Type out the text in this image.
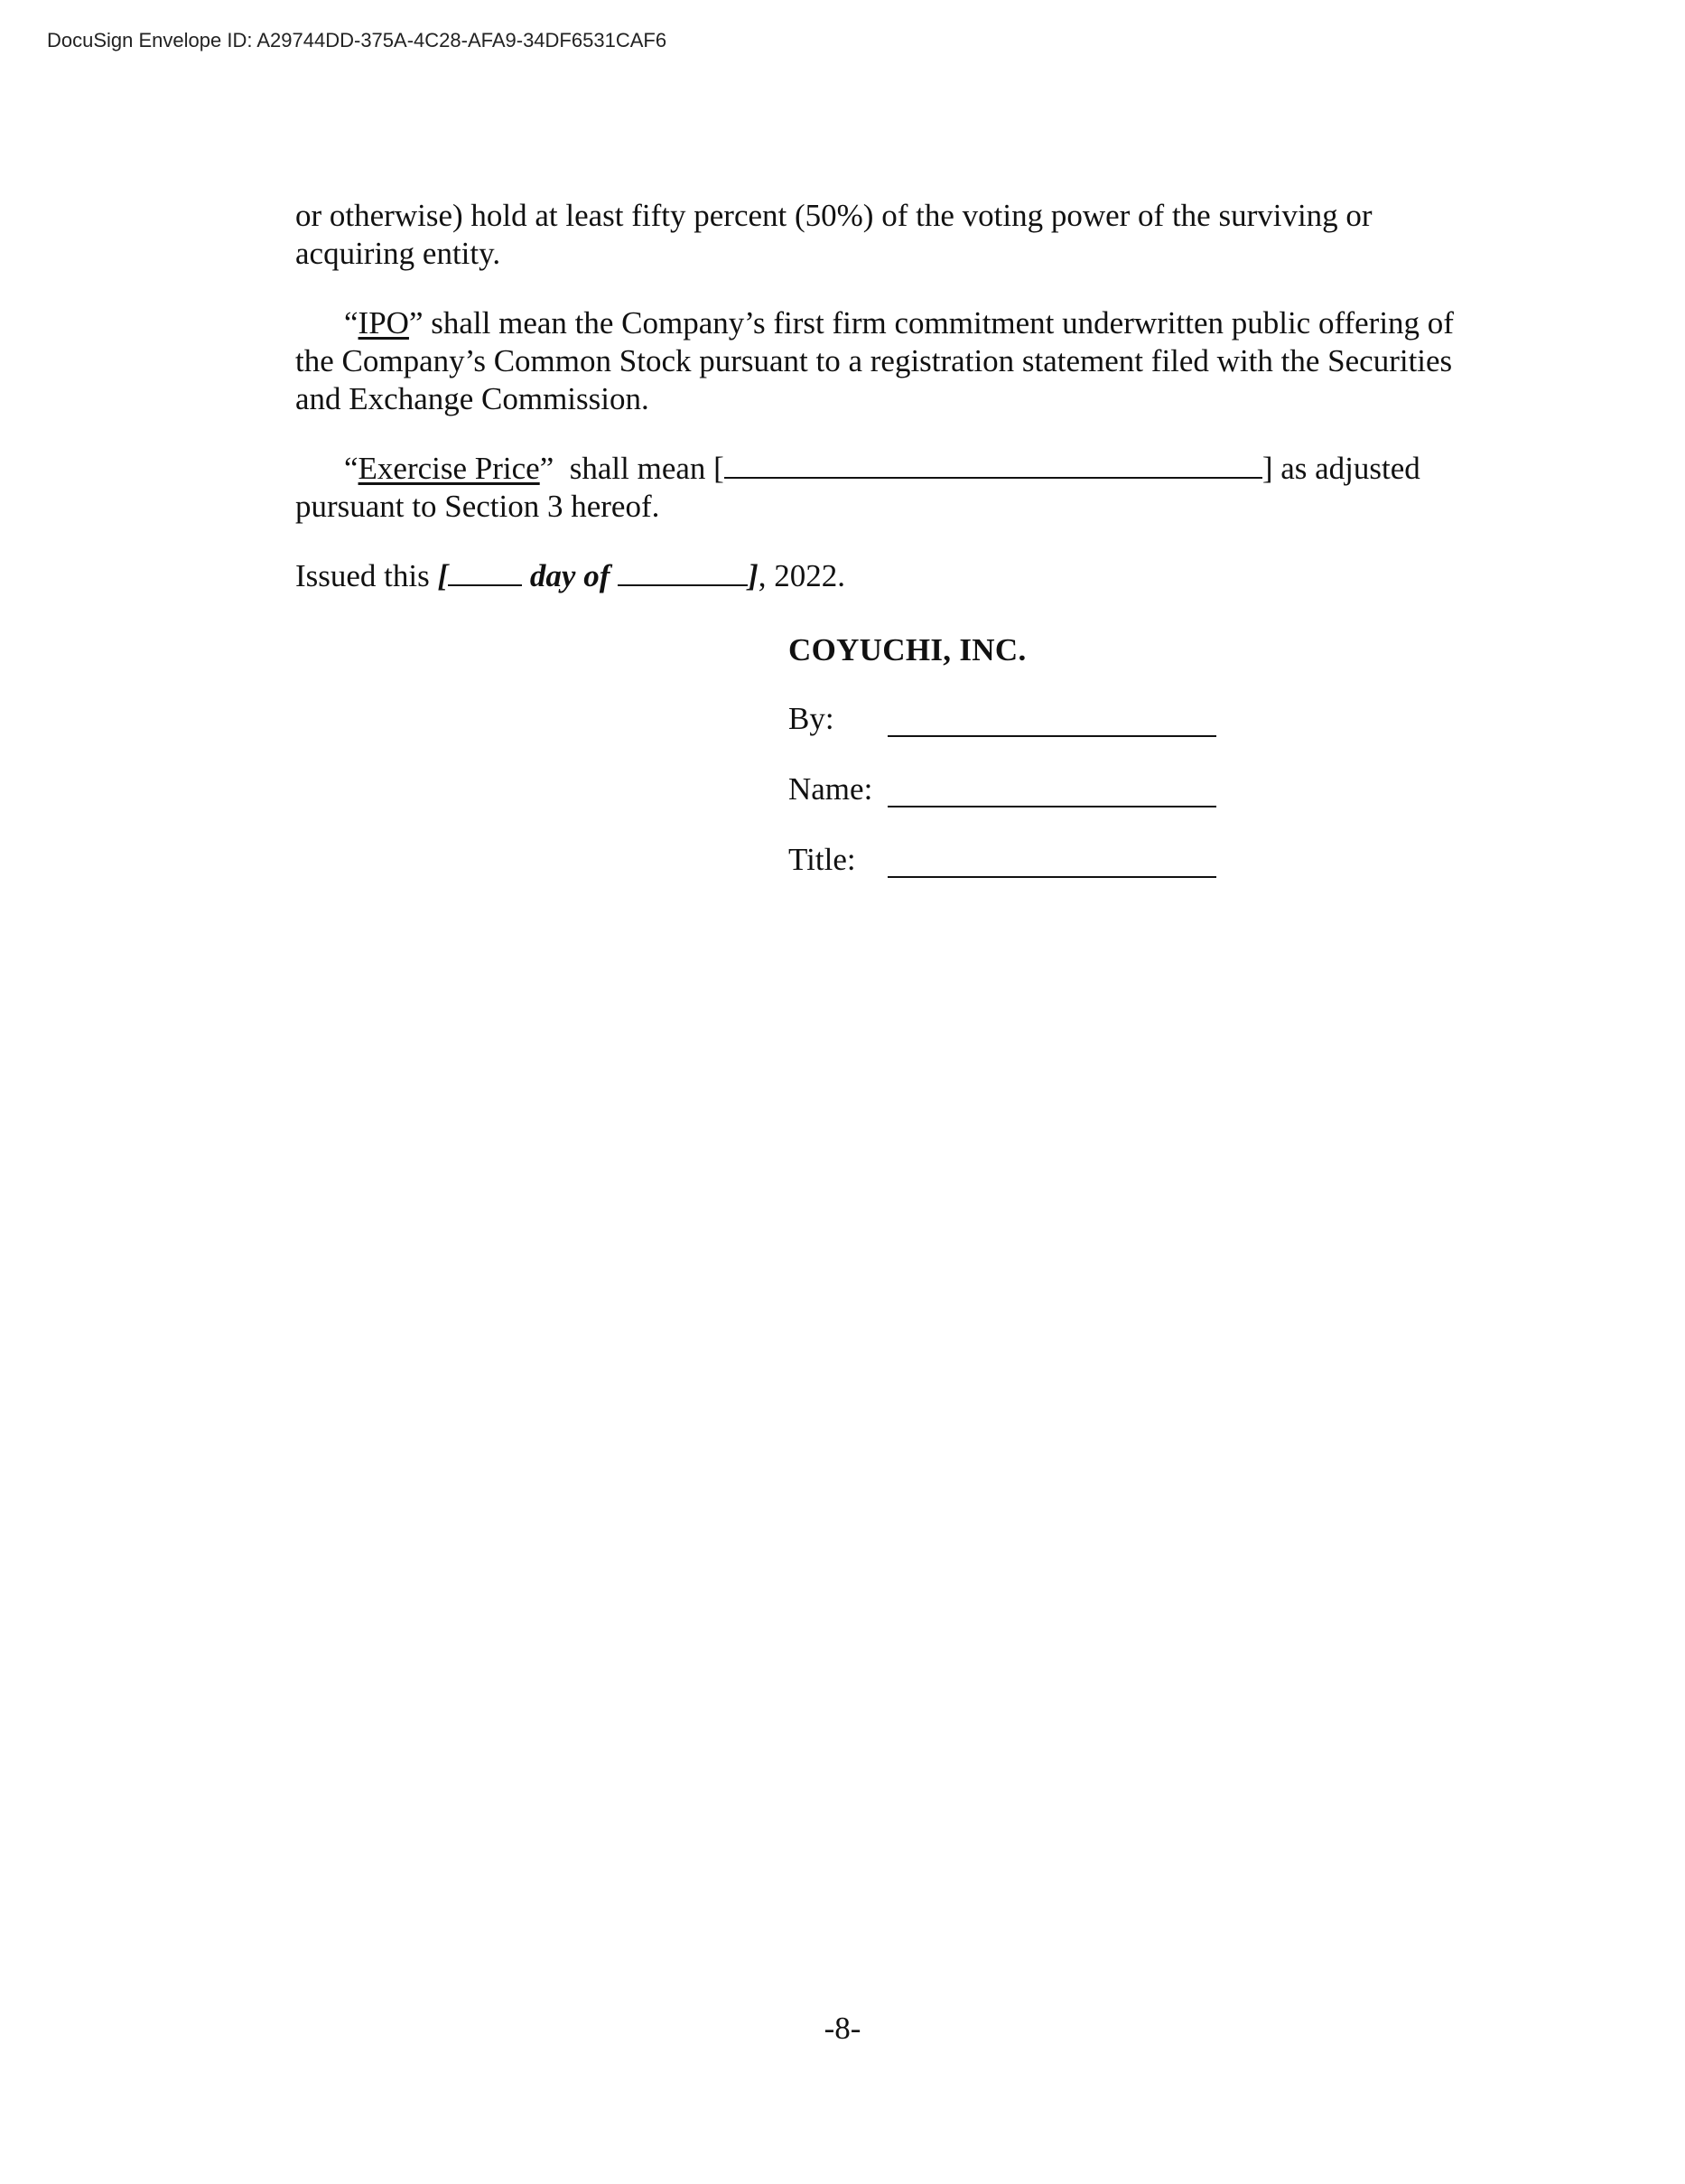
DocuSign Envelope ID: A29744DD-375A-4C28-AFA9-34DF6531CAF6

or otherwise) hold at least fifty percent (50%) of the voting power of the surviving or acquiring entity.

“IPO” shall mean the Company’s first firm commitment underwritten public offering of the Company’s Common Stock pursuant to a registration statement filed with the Securities and Exchange Commission.

“Exercise Price”  shall mean [	] as adjusted pursuant to Section 3 hereof.

Issued this [ day of	], 2022.

COYUCHI, INC.
By:
Name:
Title:
-8-
